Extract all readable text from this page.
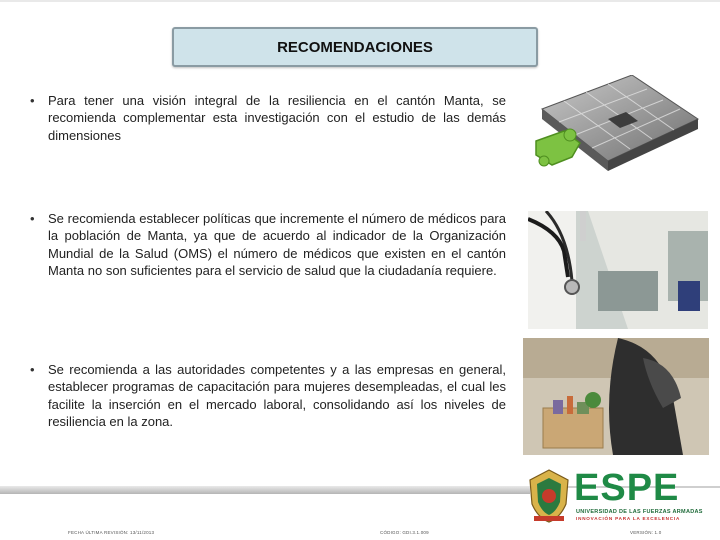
RECOMENDACIONES
• Para tener una visión integral de la resiliencia en el cantón Manta, se recomienda complementar esta investigación con el estudio de las demás dimensiones

• Se recomienda establecer políticas que incremente el número de médicos para la población de Manta, ya que de acuerdo al indicador de la Organización Mundial de la Salud (OMS) el número de médicos que existen en el cantón Manta no son suficientes para el servicio de salud que la ciudadanía requiere.

• Se recomienda a las autoridades competentes y a las empresas en general, establecer programas de capacitación para mujeres desempleadas, el cual les facilite la inserción en el mercado laboral, consolidando así los niveles de resiliencia en la zona.

ESPE
UNIVERSIDAD DE LAS FUERZAS ARMADAS
INNOVACIÓN PARA LA EXCELENCIA
FECHA ÚLTIMA REVISIÓN: 13/11/2013	CÓDIGO: GDI.3.1.009	VERSIÓN: 1.0
